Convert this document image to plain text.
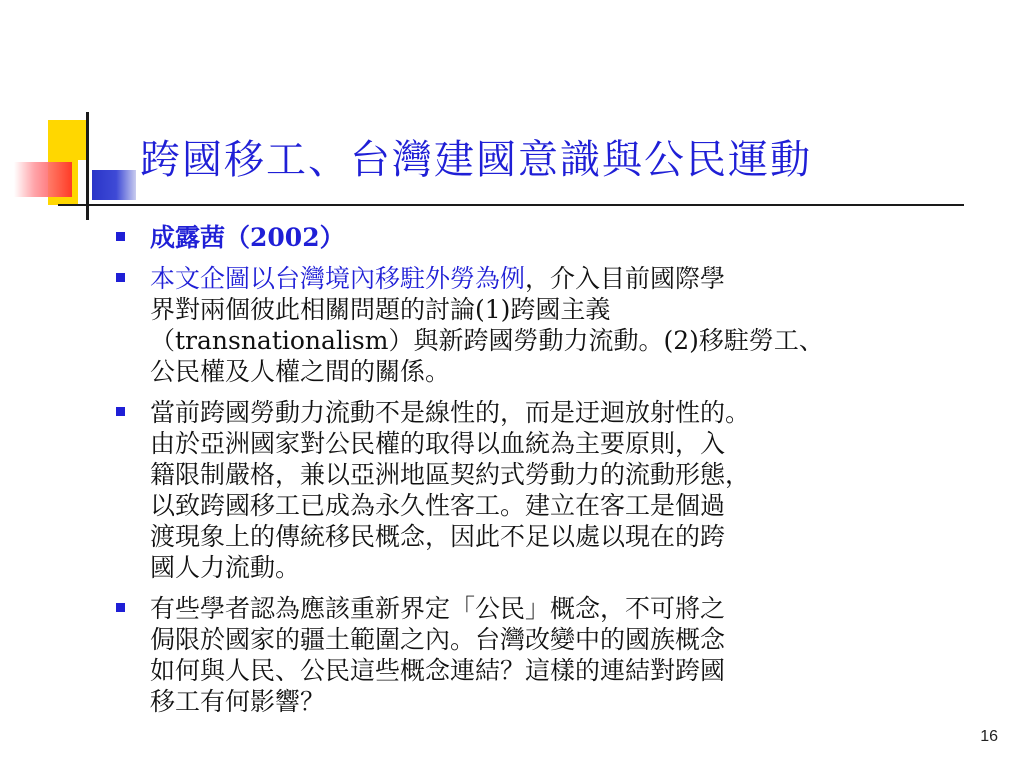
跨國移工、台灣建國意識與公民運動
成露茜（2002）
本文企圖以台灣境內移駐外勞為例，介入目前國際學
界對兩個彼此相關問題的討論(1)跨國主義
（transnationalism）與新跨國勞動力流動。(2)移駐勞工、
公民權及人權之間的關係。
當前跨國勞動力流動不是線性的，而是迂迴放射性的。
由於亞洲國家對公民權的取得以血統為主要原則，入
籍限制嚴格，兼以亞洲地區契約式勞動力的流動形態，
以致跨國移工已成為永久性客工。建立在客工是個過
渡現象上的傳統移民概念，因此不足以處以現在的跨
國人力流動。
有些學者認為應該重新界定「公民」概念，不可將之
侷限於國家的疆土範圍之內。台灣改變中的國族概念
如何與人民、公民這些概念連結？這樣的連結對跨國
移工有何影響？
16
